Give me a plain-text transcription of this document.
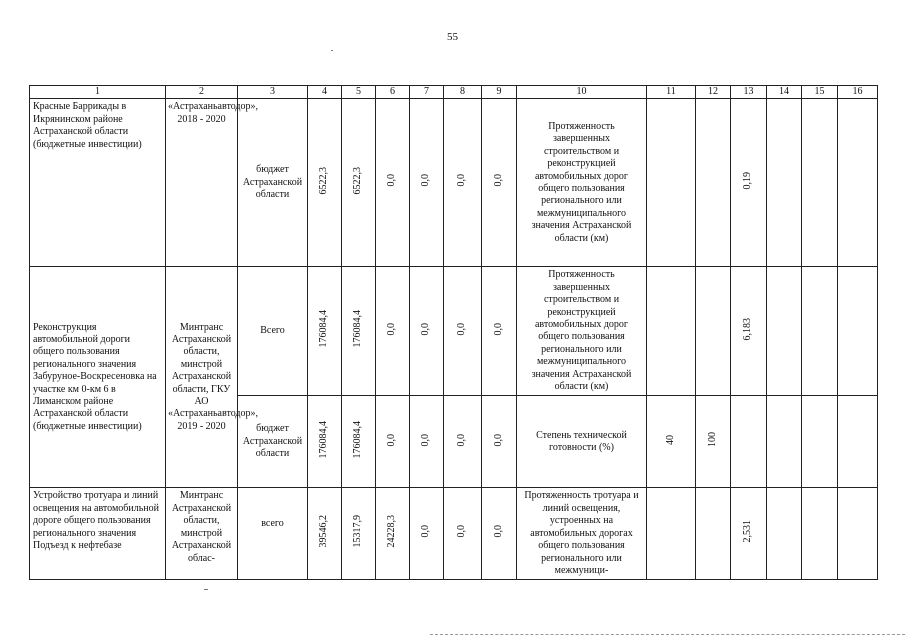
55
1	2	3	4	5	6	7	8	9	10	11	12	13	14	15	16
Красные Баррикады в Икрянинском районе Астраханской области (бюджетные инвестиции)	«Астраханьавтодор», 2018 - 2020	бюджет Астраханской области	6522,3	6522,3	0,0	0,0	0,0	0,0	Протяженность завершенных строительством и реконструкцией автомобильных дорог общего пользования регионального или межмуниципального значения Астраханской области (км)			0,19			
Реконструкция автомобильной дороги общего пользования регионального значения Забуруное-Воскресеновка на участке км 0-км 6 в Лиманском районе Астраханской области (бюджетные инвестиции)	Минтранс Астраханской области, минстрой Астраханской области, ГКУ АО «Астраханьавтодор», 2019 - 2020	Всего	176084,4	176084,4	0,0	0,0	0,0	0,0	Протяженность завершенных строительством и реконструкцией автомобильных дорог общего пользования регионального или межмуниципального значения Астраханской области (км)			6,183			
		бюджет Астраханской области	176084,4	176084,4	0,0	0,0	0,0	0,0	Степень технической готовности (%)	40	100				
Устройство тротуара и линий освещения на автомобильной дороге общего пользования регионального значения Подъезд к нефтебазе	Минтранс Астраханской области, минстрой Астраханской облас-	всего	39546,2	15317,9	24228,3	0,0	0,0	0,0	Протяженность тротуара и линий освещения, устроенных на автомобильных дорогах общего пользования регионального или межмуници-			2,531			
